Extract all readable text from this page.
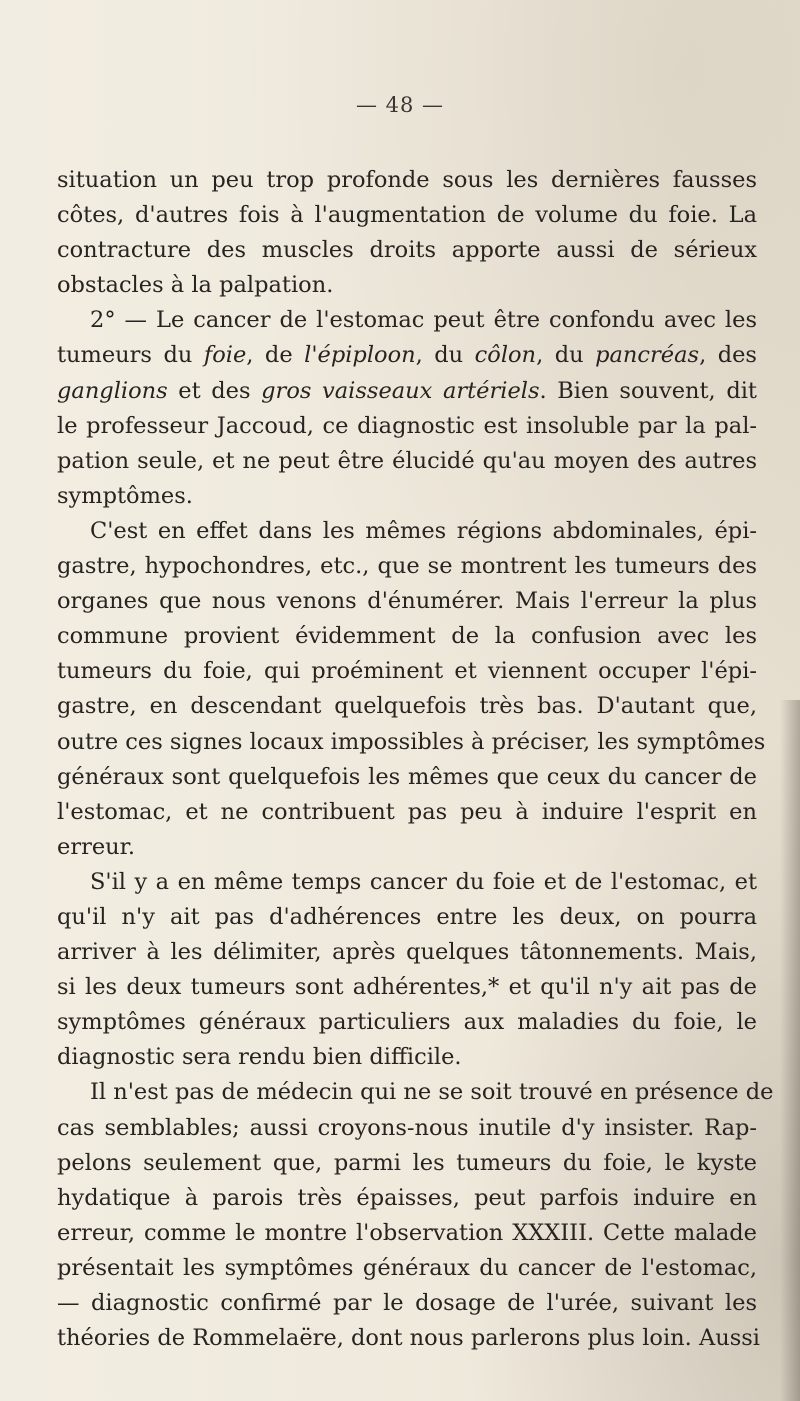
— 48 —
situation un peu trop profonde sous les dernières fausses
côtes, d'autres fois à l'augmentation de volume du foie. La
contracture des muscles droits apporte aussi de sérieux
obstacles à la palpation.
2° — Le cancer de l'estomac peut être confondu avec les
tumeurs du foie, de l'épiploon, du côlon, du pancréas, des
ganglions et des gros vaisseaux artériels. Bien souvent, dit
le professeur Jaccoud, ce diagnostic est insoluble par la pal-
pation seule, et ne peut être élucidé qu'au moyen des autres
symptômes.
C'est en effet dans les mêmes régions abdominales, épi-
gastre, hypochondres, etc., que se montrent les tumeurs des
organes que nous venons d'énumérer. Mais l'erreur la plus
commune provient évidemment de la confusion avec les
tumeurs du foie, qui proéminent et viennent occuper l'épi-
gastre, en descendant quelquefois très bas. D'autant que,
outre ces signes locaux impossibles à préciser, les symptômes
généraux sont quelquefois les mêmes que ceux du cancer de
l'estomac, et ne contribuent pas peu à induire l'esprit en
erreur.
S'il y a en même temps cancer du foie et de l'estomac, et
qu'il n'y ait pas d'adhérences entre les deux, on pourra
arriver à les délimiter, après quelques tâtonnements. Mais,
si les deux tumeurs sont adhérentes,* et qu'il n'y ait pas de
symptômes généraux particuliers aux maladies du foie, le
diagnostic sera rendu bien difficile.
Il n'est pas de médecin qui ne se soit trouvé en présence de
cas semblables; aussi croyons-nous inutile d'y insister. Rap-
pelons seulement que, parmi les tumeurs du foie, le kyste
hydatique à parois très épaisses, peut parfois induire en
erreur, comme le montre l'observation XXXIII. Cette malade
présentait les symptômes généraux du cancer de l'estomac,
— diagnostic confirmé par le dosage de l'urée, suivant les
théories de Rommelaëre, dont nous parlerons plus loin. Aussi
